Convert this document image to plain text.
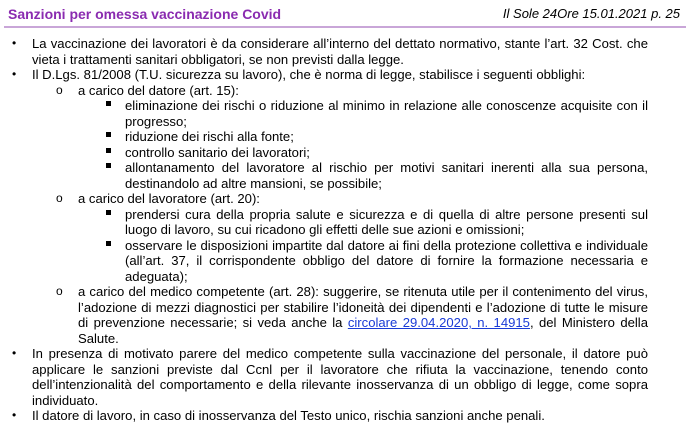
Sanzioni per omessa vaccinazione Covid	Il Sole 24Ore 15.01.2021 p. 25
• La vaccinazione dei lavoratori è da considerare all’interno del dettato normativo, stante l’art. 32 Cost. che vieta i trattamenti sanitari obbligatori, se non previsti dalla legge.
• Il D.Lgs. 81/2008 (T.U. sicurezza su lavoro), che è norma di legge, stabilisce i seguenti obblighi:
o a carico del datore (art. 15):
eliminazione dei rischi o riduzione al minimo in relazione alle conoscenze acquisite con il progresso;
riduzione dei rischi alla fonte;
controllo sanitario dei lavoratori;
allontanamento del lavoratore al rischio per motivi sanitari inerenti alla sua persona, destinandolo ad altre mansioni, se possibile;
o a carico del lavoratore (art. 20):
prendersi cura della propria salute e sicurezza e di quella di altre persone presenti sul luogo di lavoro, su cui ricadono gli effetti delle sue azioni e omissioni;
osservare le disposizioni impartite dal datore ai fini della protezione collettiva e individuale (all’art. 37, il corrispondente obbligo del datore di fornire la formazione necessaria e adeguata);
o a carico del medico competente (art. 28): suggerire, se ritenuta utile per il contenimento del virus, l’adozione di mezzi diagnostici per stabilire l’idoneità dei dipendenti e l’adozione di tutte le misure di prevenzione necessarie; si veda anche la circolare 29.04.2020, n. 14915, del Ministero della Salute.
• In presenza di motivato parere del medico competente sulla vaccinazione del personale, il datore può applicare le sanzioni previste dal Ccnl per il lavoratore che rifiuta la vaccinazione, tenendo conto dell’intenzionalità del comportamento e della rilevante inosservanza di un obbligo di legge, come sopra individuato.
• Il datore di lavoro, in caso di inosservanza del Testo unico, rischia sanzioni anche penali.
